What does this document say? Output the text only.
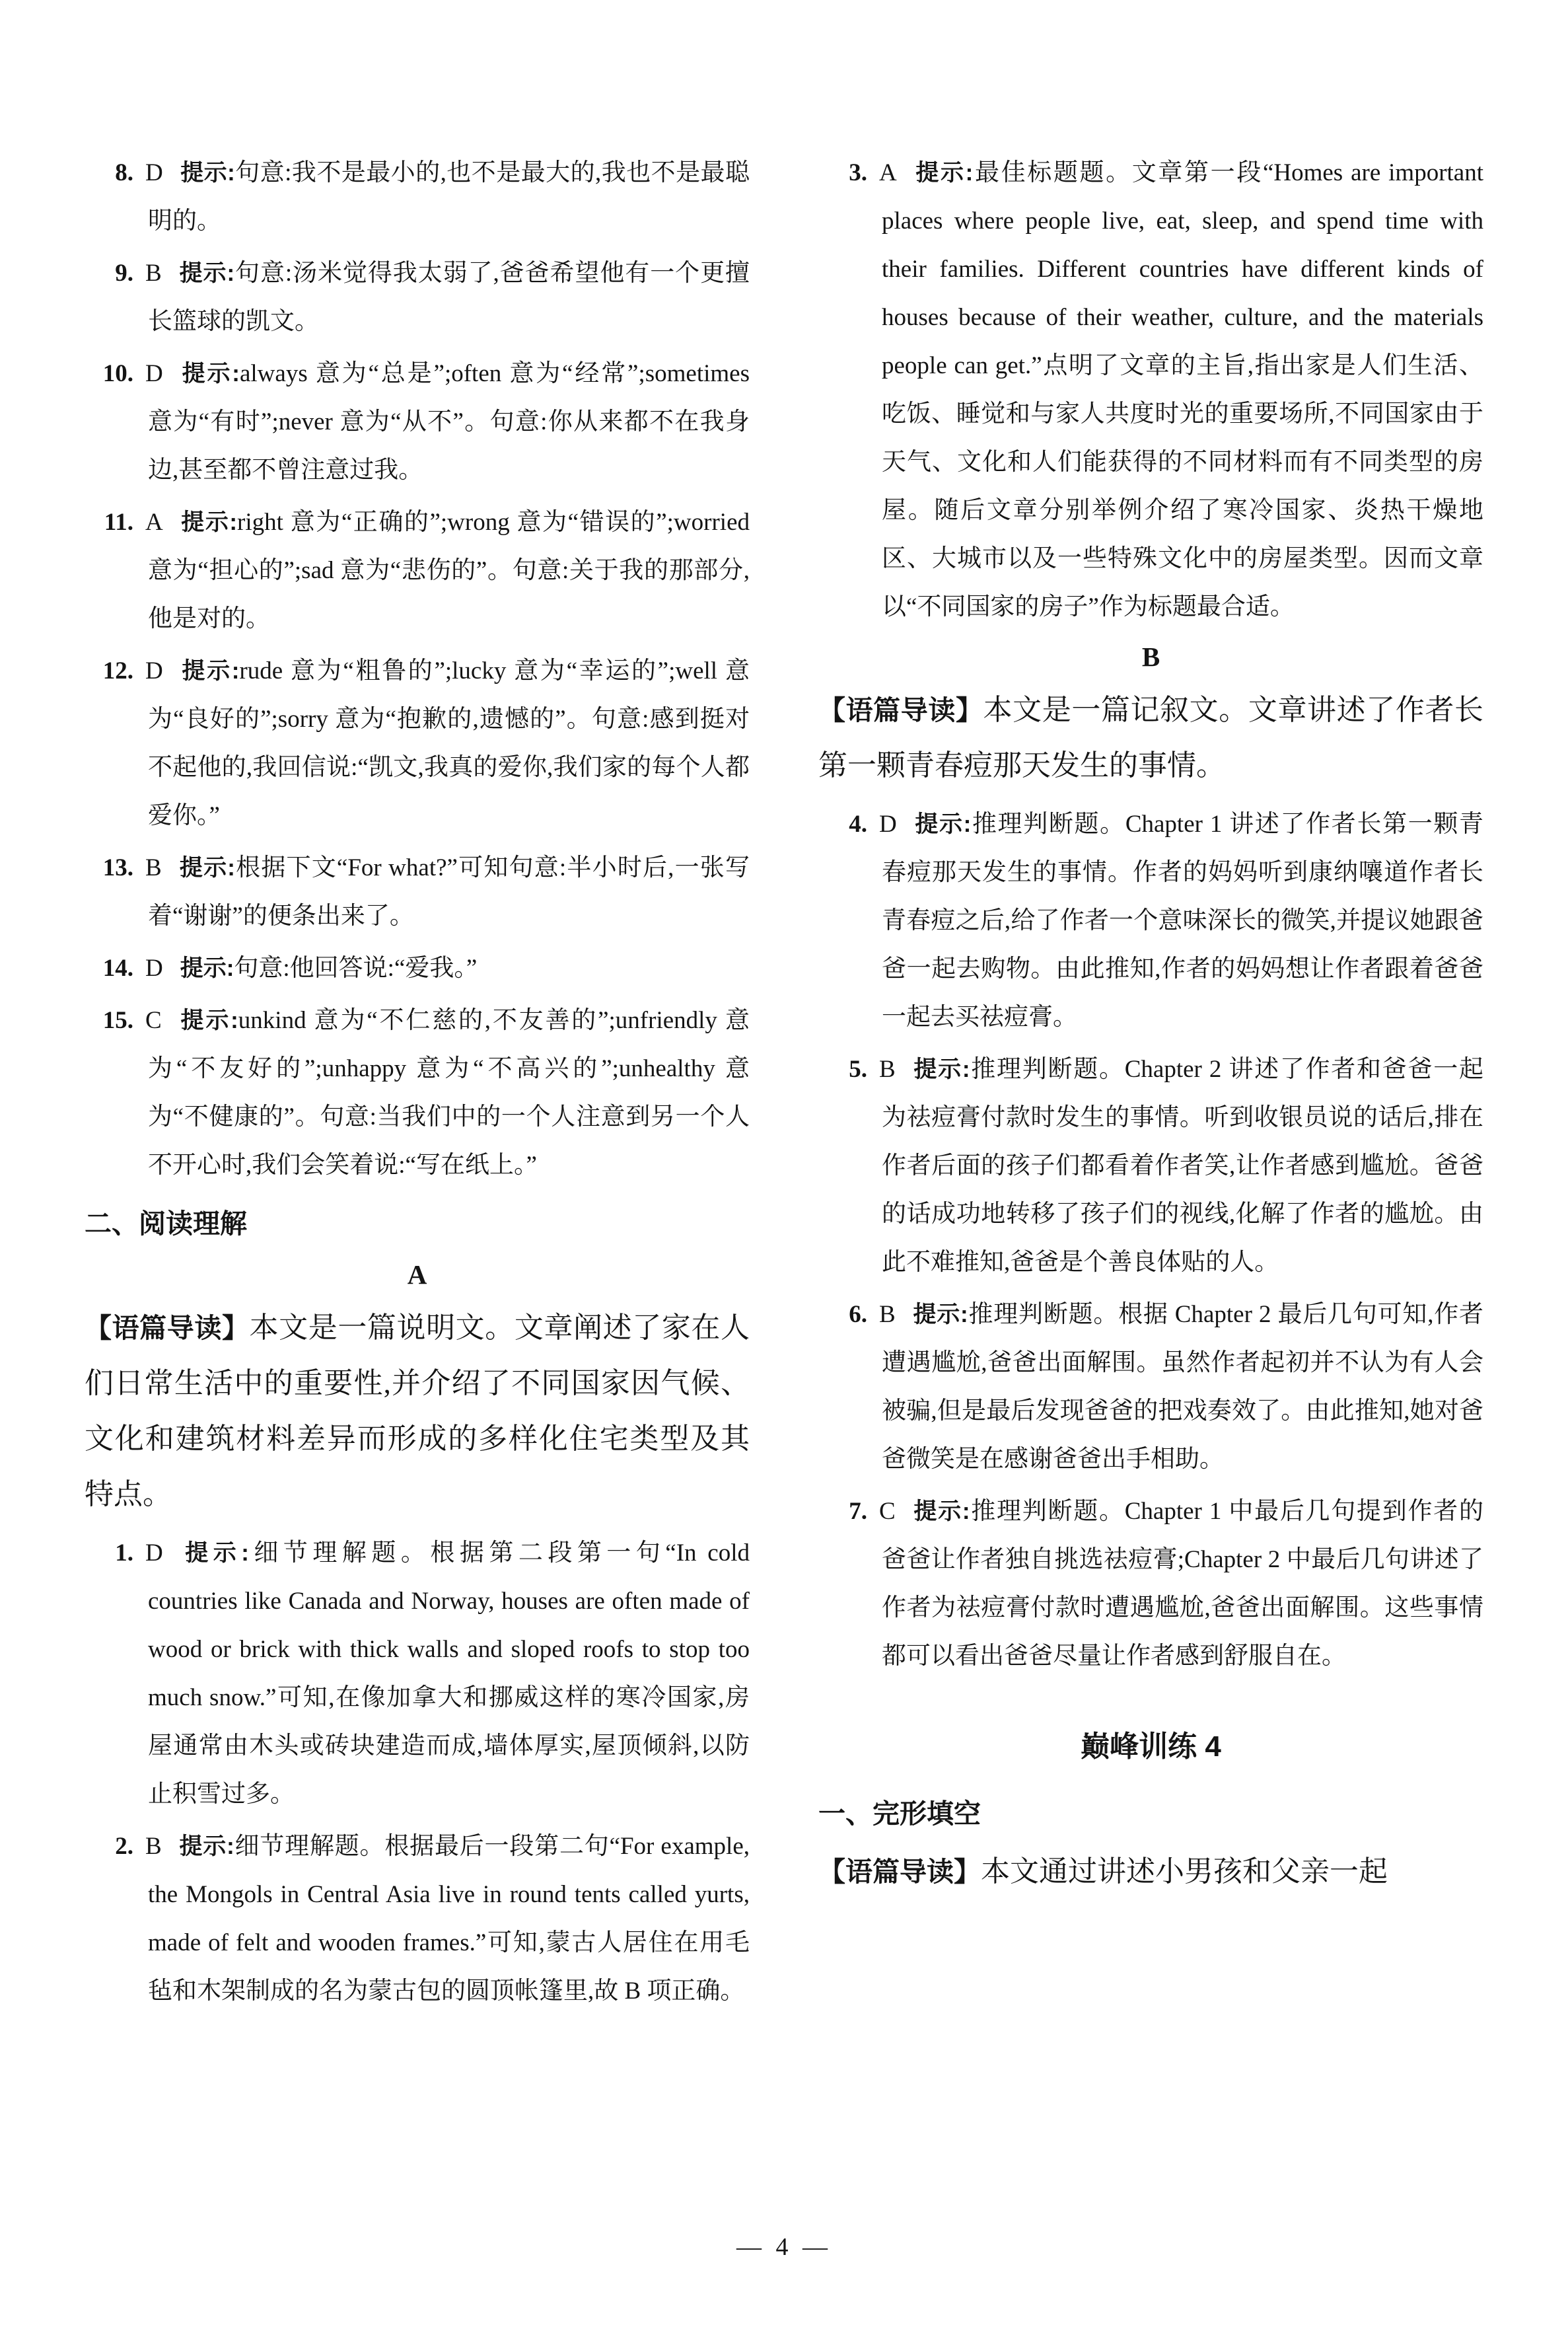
8. D 提示:句意:我不是最小的,也不是最大的,我也不是最聪明的。

9. B 提示:句意:汤米觉得我太弱了,爸爸希望他有一个更擅长篮球的凯文。

10. D 提示:always 意为“总是”;often 意为“经常”;sometimes 意为“有时”;never 意为“从不”。句意:你从来都不在我身边,甚至都不曾注意过我。

11. A 提示:right 意为“正确的”;wrong 意为“错误的”;worried 意为“担心的”;sad 意为“悲伤的”。句意:关于我的那部分,他是对的。

12. D 提示:rude 意为“粗鲁的”;lucky 意为“幸运的”;well 意为“良好的”;sorry 意为“抱歉的,遗憾的”。句意:感到挺对不起他的,我回信说:“凯文,我真的爱你,我们家的每个人都爱你。”

13. B 提示:根据下文“For what?”可知句意:半小时后,一张写着“谢谢”的便条出来了。

14. D 提示:句意:他回答说:“爱我。”

15. C 提示:unkind 意为“不仁慈的,不友善的”;unfriendly 意为“不友好的”;unhappy 意为“不高兴的”;unhealthy 意为“不健康的”。句意:当我们中的一个人注意到另一个人不开心时,我们会笑着说:“写在纸上。”

二、阅读理解
A

【语篇导读】本文是一篇说明文。文章阐述了家在人们日常生活中的重要性,并介绍了不同国家因气候、文化和建筑材料差异而形成的多样化住宅类型及其特点。

1. D 提示:细节理解题。根据第二段第一句“In cold countries like Canada and Norway, houses are often made of wood or brick with thick walls and sloped roofs to stop too much snow.”可知,在像加拿大和挪威这样的寒冷国家,房屋通常由木头或砖块建造而成,墙体厚实,屋顶倾斜,以防止积雪过多。

2. B 提示:细节理解题。根据最后一段第二句“For example, the Mongols in Central Asia live in round tents called yurts, made of felt and wooden frames.”可知,蒙古人居住在用毛毡和木架制成的名为蒙古包的圆顶帐篷里,故 B 项正确。

3. A 提示:最佳标题题。文章第一段“Homes are important places where people live, eat, sleep, and spend time with their families. Different countries have different kinds of houses because of their weather, culture, and the materials people can get.”点明了文章的主旨,指出家是人们生活、吃饭、睡觉和与家人共度时光的重要场所,不同国家由于天气、文化和人们能获得的不同材料而有不同类型的房屋。随后文章分别举例介绍了寒冷国家、炎热干燥地区、大城市以及一些特殊文化中的房屋类型。因而文章以“不同国家的房子”作为标题最合适。

B

【语篇导读】本文是一篇记叙文。文章讲述了作者长第一颗青春痘那天发生的事情。

4. D 提示:推理判断题。Chapter 1 讲述了作者长第一颗青春痘那天发生的事情。作者的妈妈听到康纳嚷道作者长青春痘之后,给了作者一个意味深长的微笑,并提议她跟爸爸一起去购物。由此推知,作者的妈妈想让作者跟着爸爸一起去买祛痘膏。

5. B 提示:推理判断题。Chapter 2 讲述了作者和爸爸一起为祛痘膏付款时发生的事情。听到收银员说的话后,排在作者后面的孩子们都看着作者笑,让作者感到尴尬。爸爸的话成功地转移了孩子们的视线,化解了作者的尴尬。由此不难推知,爸爸是个善良体贴的人。

6. B 提示:推理判断题。根据 Chapter 2 最后几句可知,作者遭遇尴尬,爸爸出面解围。虽然作者起初并不认为有人会被骗,但是最后发现爸爸的把戏奏效了。由此推知,她对爸爸微笑是在感谢爸爸出手相助。

7. C 提示:推理判断题。Chapter 1 中最后几句提到作者的爸爸让作者独自挑选祛痘膏;Chapter 2 中最后几句讲述了作者为祛痘膏付款时遭遇尴尬,爸爸出面解围。这些事情都可以看出爸爸尽量让作者感到舒服自在。

巅峰训练 4
一、完形填空

【语篇导读】本文通过讲述小男孩和父亲一起

— 4 —
